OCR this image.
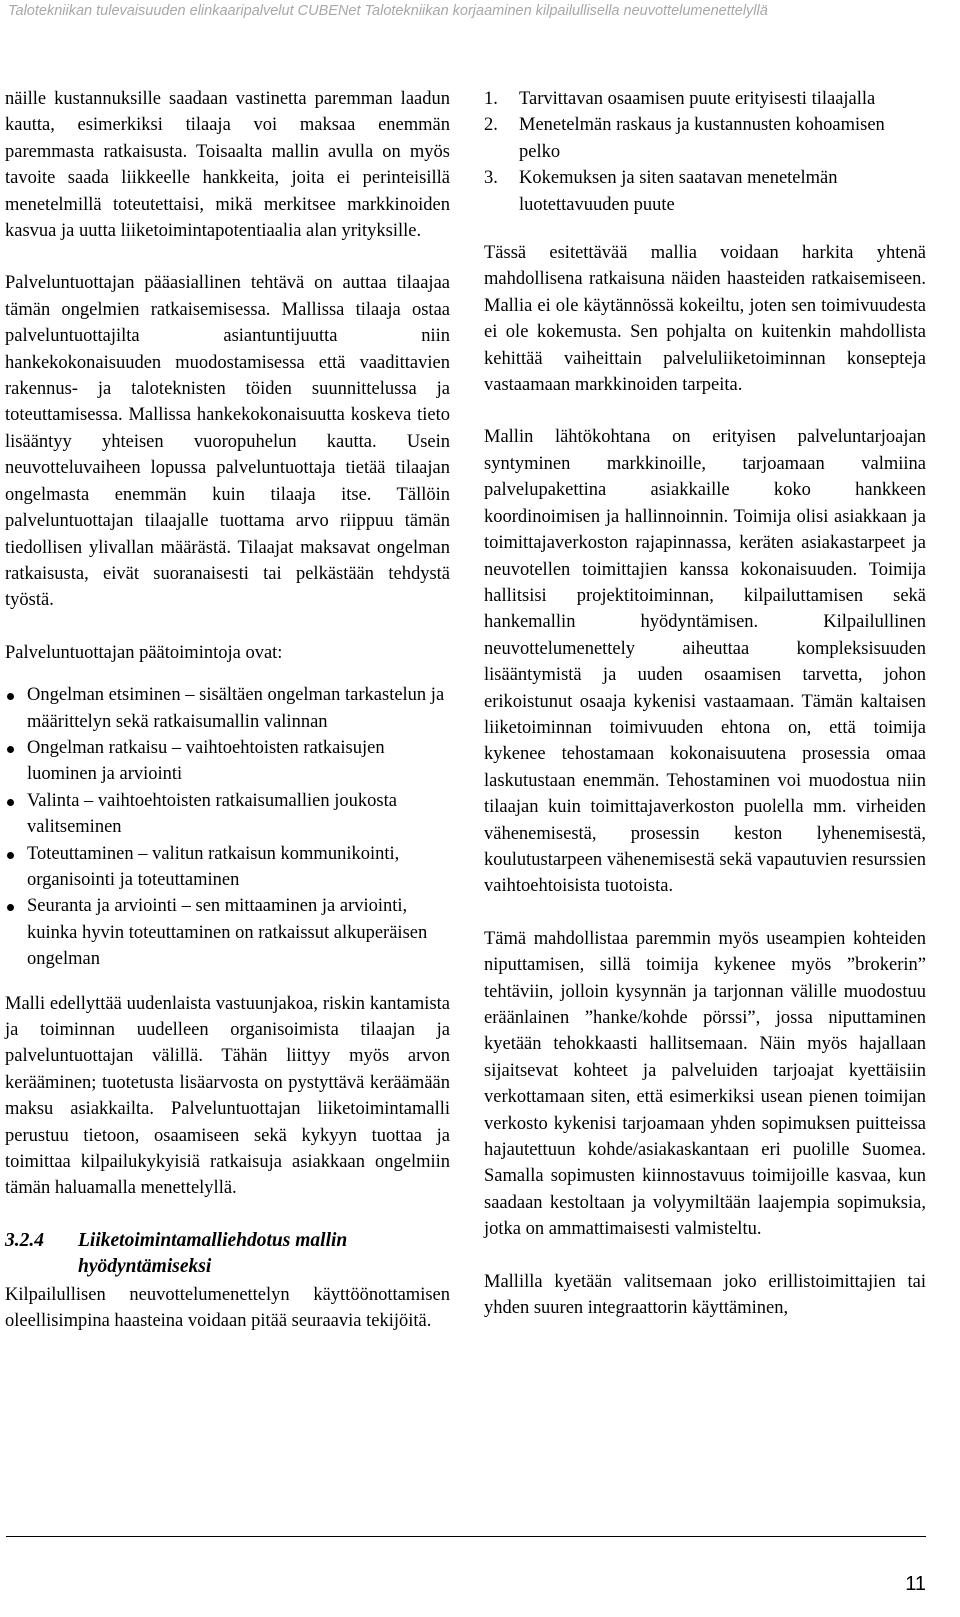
Talotekniikan tulevaisuuden elinkaaripalvelut CUBENet Talotekniikan korjaaminen kilpailullisella neuvottelumenettelyllä

näille kustannuksille saadaan vastinetta paremman laadun kautta, esimerkiksi tilaaja voi maksaa enemmän paremmasta ratkaisusta. Toisaalta mallin avulla on myös tavoite saada liikkeelle hankkeita, joita ei perinteisillä menetelmillä toteutettaisi, mikä merkitsee markkinoiden kasvua ja uutta liiketoimintapotentiaalia alan yrityksille.

Palveluntuottajan pääasiallinen tehtävä on auttaa tilaajaa tämän ongelmien ratkaisemisessa. Mallissa tilaaja ostaa palveluntuottajilta asiantuntijuutta niin hankekokonaisuuden muodostamisessa että vaadittavien rakennus- ja taloteknisten töiden suunnittelussa ja toteuttamisessa. Mallissa hankekokonaisuutta koskeva tieto lisääntyy yhteisen vuoropuhelun kautta. Usein neuvotteluvaiheen lopussa palveluntuottaja tietää tilaajan ongelmasta enemmän kuin tilaaja itse. Tällöin palveluntuottajan tilaajalle tuottama arvo riippuu tämän tiedollisen ylivallan määrästä. Tilaajat maksavat ongelman ratkaisusta, eivät suoranaisesti tai pelkästään tehdystä työstä.

Palveluntuottajan päätoimintoja ovat:

Ongelman etsiminen – sisältäen ongelman tarkastelun ja määrittelyn sekä ratkaisumallin valinnan
Ongelman ratkaisu – vaihtoehtoisten ratkaisujen luominen ja arviointi
Valinta – vaihtoehtoisten ratkaisumallien joukosta valitseminen
Toteuttaminen – valitun ratkaisun kommunikointi, organisointi ja toteuttaminen
Seuranta ja arviointi – sen mittaaminen ja arviointi, kuinka hyvin toteuttaminen on ratkaissut alkuperäisen ongelman

Malli edellyttää uudenlaista vastuunjakoa, riskin kantamista ja toiminnan uudelleen organisoimista tilaajan ja palveluntuottajan välillä. Tähän liittyy myös arvon kerääminen; tuotetusta lisäarvosta on pystyttävä keräämään maksu asiakkailta. Palveluntuottajan liiketoimintamalli perustuu tietoon, osaamiseen sekä kykyyn tuottaa ja toimittaa kilpailukykyisiä ratkaisuja asiakkaan ongelmiin tämän haluamalla menettelyllä.

3.2.4 Liiketoimintamalliehdotus mallin hyödyntämiseksi

Kilpailullisen neuvottelumenettelyn käyttöönottamisen oleellisimpina haasteina voidaan pitää seuraavia tekijöitä.

1. Tarvittavan osaamisen puute erityisesti tilaajalla
2. Menetelmän raskaus ja kustannusten kohoamisen pelko
3. Kokemuksen ja siten saatavan menetelmän luotettavuuden puute

Tässä esitettävää mallia voidaan harkita yhtenä mahdollisena ratkaisuna näiden haasteiden ratkaisemiseen. Mallia ei ole käytännössä kokeiltu, joten sen toimivuudesta ei ole kokemusta. Sen pohjalta on kuitenkin mahdollista kehittää vaiheittain palveluliiketoiminnan konsepteja vastaamaan markkinoiden tarpeita.

Mallin lähtökohtana on erityisen palveluntarjoajan syntyminen markkinoille, tarjoamaan valmiina palvelupakettina asiakkaille koko hankkeen koordinoimisen ja hallinnoinnin. Toimija olisi asiakkaan ja toimittajaverkoston rajapinnassa, keräten asiakastarpeet ja neuvotellen toimittajien kanssa kokonaisuuden. Toimija hallitsisi projektitoiminnan, kilpailuttamisen sekä hankemallin hyödyntämisen. Kilpailullinen neuvottelumenettely aiheuttaa kompleksisuuden lisääntymistä ja uuden osaamisen tarvetta, johon erikoistunut osaaja kykenisi vastaamaan. Tämän kaltaisen liiketoiminnan toimivuuden ehtona on, että toimija kykenee tehostamaan kokonaisuutena prosessia omaa laskutustaan enemmän. Tehostaminen voi muodostua niin tilaajan kuin toimittajaverkoston puolella mm. virheiden vähenemisestä, prosessin keston lyhenemisestä, koulutustarpeen vähenemisestä sekä vapautuvien resurssien vaihtoehtoisista tuotoista.

Tämä mahdollistaa paremmin myös useampien kohteiden niputtamisen, sillä toimija kykenee myös ”brokerin” tehtäviin, jolloin kysynnän ja tarjonnan välille muodostuu eräänlainen ”hanke/kohde pörssi”, jossa niputtaminen kyetään tehokkaasti hallitsemaan. Näin myös hajallaan sijaitsevat kohteet ja palveluiden tarjoajat kyettäisiin verkottamaan siten, että esimerkiksi usean pienen toimijan verkosto kykenisi tarjoamaan yhden sopimuksen puitteissa hajautettuun kohde/asiakaskantaan eri puolille Suomea. Samalla sopimusten kiinnostavuus toimijoille kasvaa, kun saadaan kestoltaan ja volyymiltään laajempia sopimuksia, jotka on ammattimaisesti valmisteltu.

Mallilla kyetään valitsemaan joko erillistoimittajien tai yhden suuren integraattorin käyttäminen,

11
